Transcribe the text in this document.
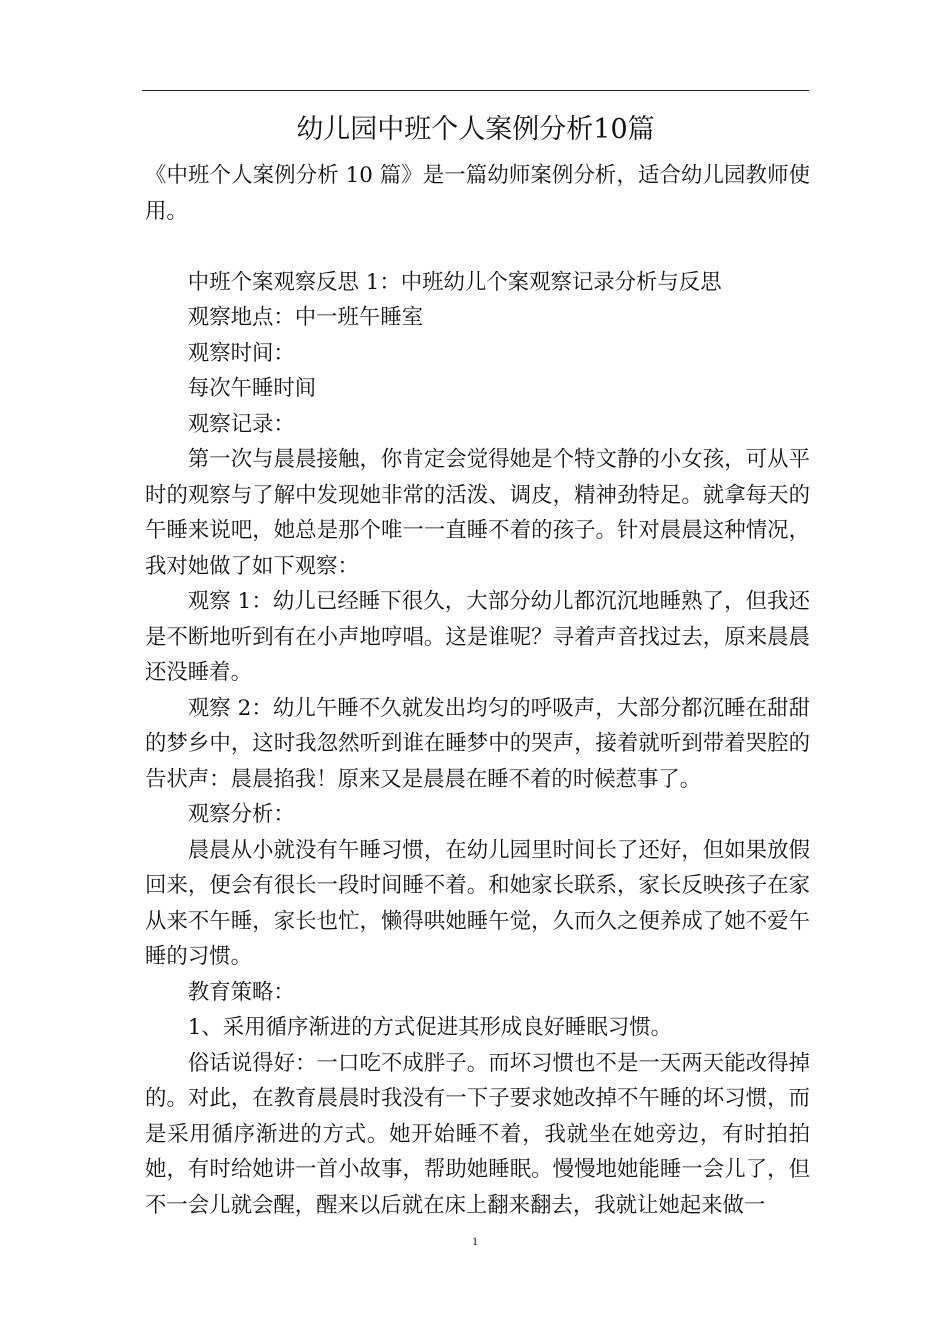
幼儿园中班个人案例分析10篇

《中班个人案例分析 10 篇》是一篇幼师案例分析，适合幼儿园教师使用。

中班个案观察反思 1：中班幼儿个案观察记录分析与反思

观察地点：中一班午睡室

观察时间：

每次午睡时间

观察记录：

第一次与晨晨接触，你肯定会觉得她是个特文静的小女孩，可从平时的观察与了解中发现她非常的活泼、调皮，精神劲特足。就拿每天的午睡来说吧，她总是那个唯一一直睡不着的孩子。针对晨晨这种情况，我对她做了如下观察：

观察 1：幼儿已经睡下很久，大部分幼儿都沉沉地睡熟了，但我还是不断地听到有在小声地哼唱。这是谁呢？寻着声音找过去，原来晨晨还没睡着。

观察 2：幼儿午睡不久就发出均匀的呼吸声，大部分都沉睡在甜甜的梦乡中，这时我忽然听到谁在睡梦中的哭声，接着就听到带着哭腔的告状声：晨晨掐我！原来又是晨晨在睡不着的时候惹事了。

观察分析：

晨晨从小就没有午睡习惯，在幼儿园里时间长了还好，但如果放假回来，便会有很长一段时间睡不着。和她家长联系，家长反映孩子在家从来不午睡，家长也忙，懒得哄她睡午觉，久而久之便养成了她不爱午睡的习惯。

教育策略：

1、采用循序渐进的方式促进其形成良好睡眠习惯。

俗话说得好：一口吃不成胖子。而坏习惯也不是一天两天能改得掉的。对此，在教育晨晨时我没有一下子要求她改掉不午睡的坏习惯，而是采用循序渐进的方式。她开始睡不着，我就坐在她旁边，有时拍拍她，有时给她讲一首小故事，帮助她睡眠。慢慢地她能睡一会儿了，但不一会儿就会醒，醒来以后就在床上翻来翻去，我就让她起来做一

1
